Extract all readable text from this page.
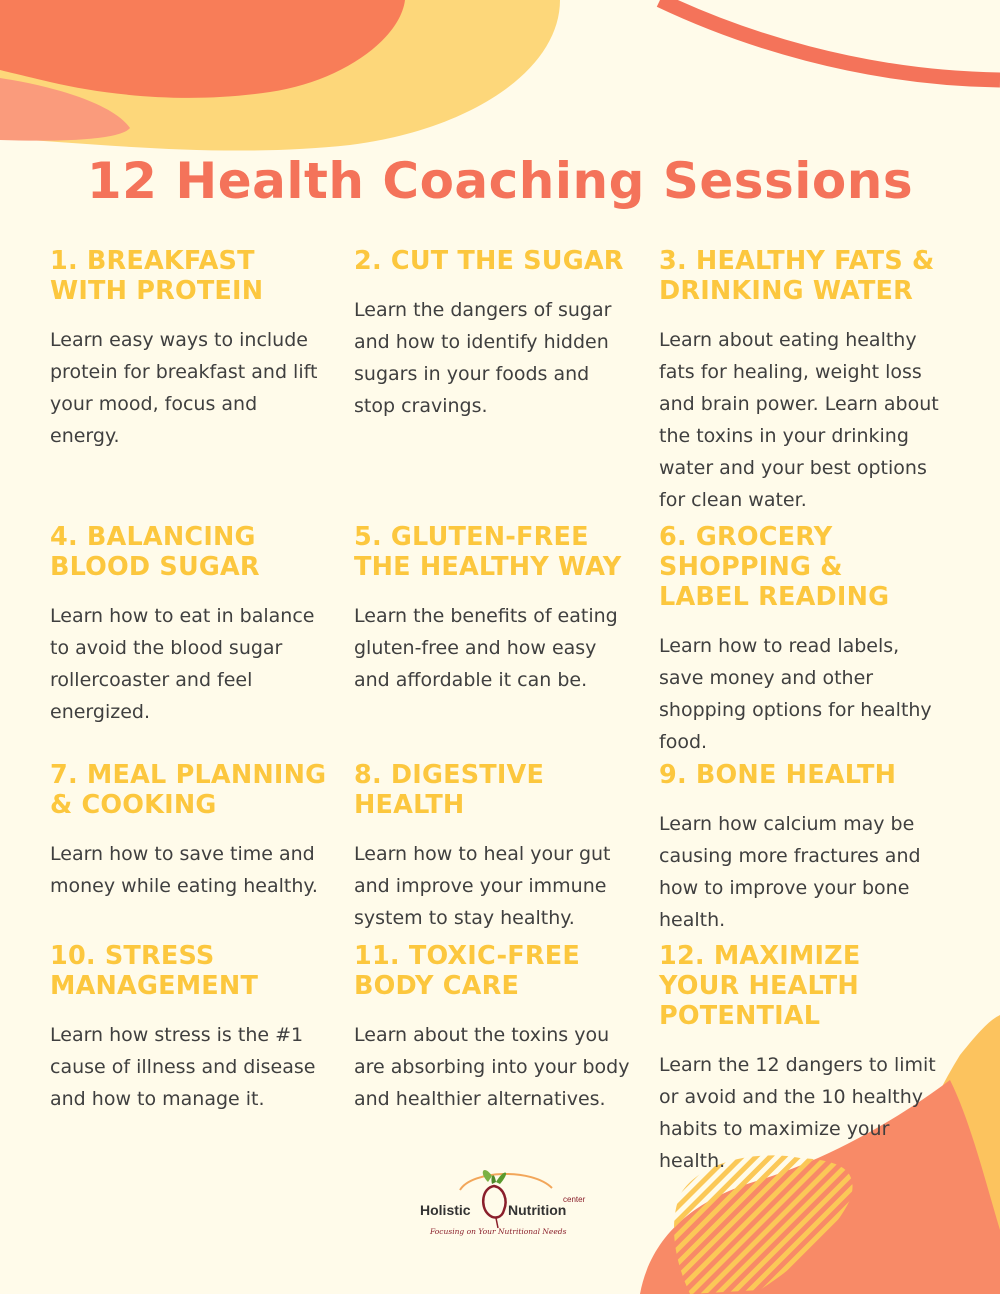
12 Health Coaching Sessions
1. BREAKFAST WITH PROTEIN

Learn easy ways to include protein for breakfast and lift your mood, focus and energy.

2. CUT THE SUGAR

Learn the dangers of sugar and how to identify hidden sugars in your foods and stop cravings.

3. HEALTHY FATS & DRINKING WATER

Learn about eating healthy fats for healing, weight loss and brain power. Learn about the toxins in your drinking water and your best options for clean water.

4. BALANCING BLOOD SUGAR

Learn how to eat in balance to avoid the blood sugar rollercoaster and feel energized.

5. GLUTEN-FREE THE HEALTHY WAY

Learn the benefits of eating gluten-free and how easy and affordable it can be.

6. GROCERY SHOPPING & LABEL READING

Learn how to read labels, save money and other shopping options for healthy food.

7. MEAL PLANNING & COOKING

Learn how to save time and money while eating healthy.

8. DIGESTIVE HEALTH

Learn how to heal your gut and improve your immune system to stay healthy.

9. BONE HEALTH

Learn how calcium may be causing more fractures and how to improve your bone health.

10. STRESS MANAGEMENT

Learn how stress is the #1 cause of illness and disease and how to manage it.

11. TOXIC-FREE BODY CARE

Learn about the toxins you are absorbing into your body and healthier alternatives.

12. MAXIMIZE YOUR HEALTH POTENTIAL

Learn the 12 dangers to limit or avoid and the 10 healthy habits to maximize your health.

Holistic	Nutrition
center
Focusing on Your Nutritional Needs
